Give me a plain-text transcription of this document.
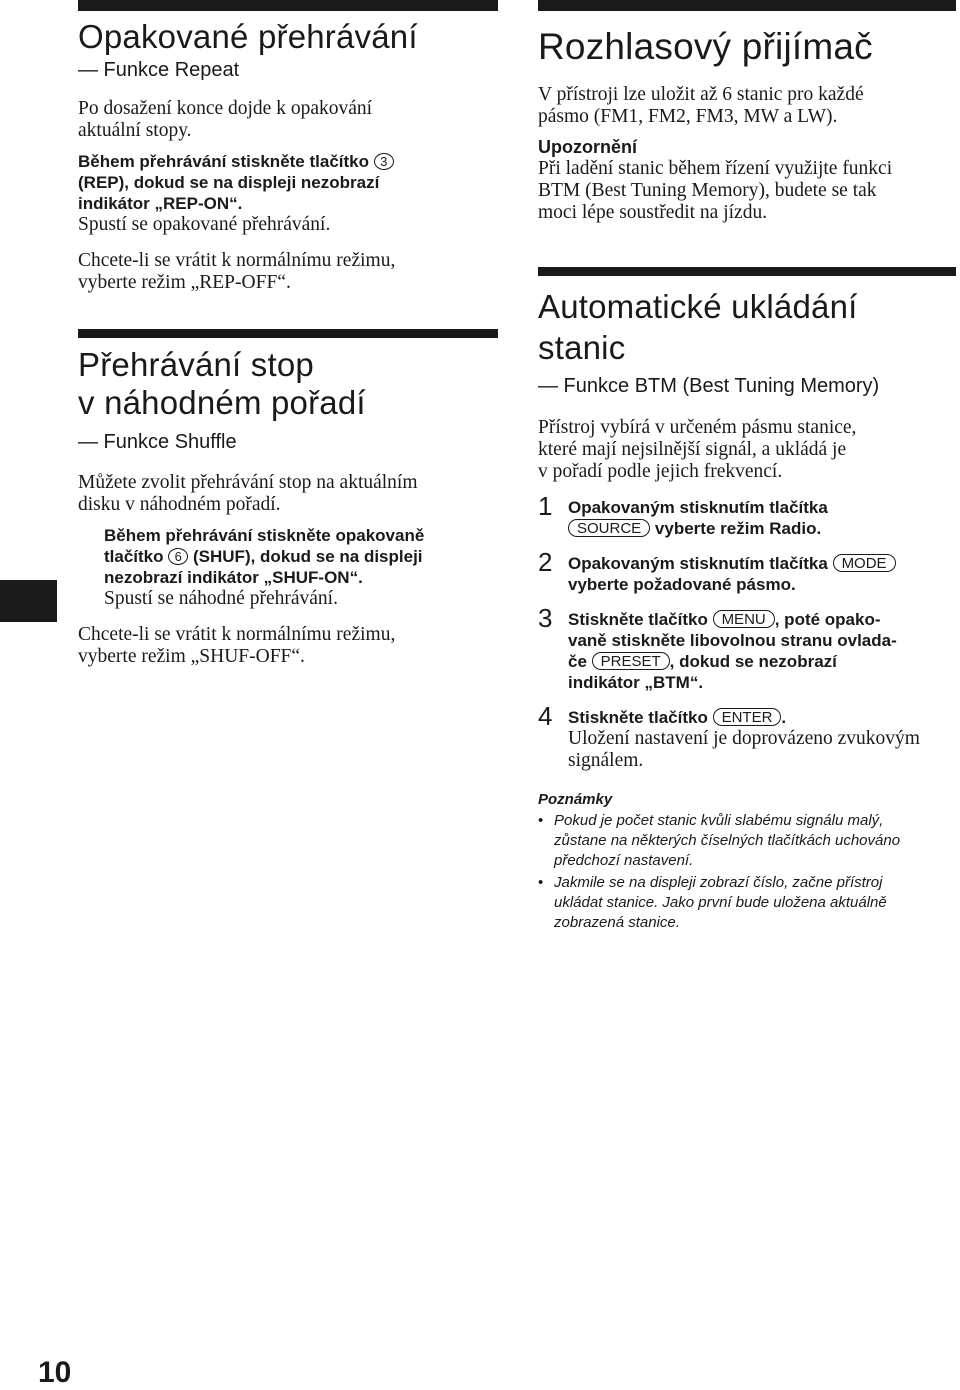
Opakované přehrávání

— Funkce Repeat

Po dosažení konce dojde k opakování
aktuální stopy.

Během přehrávání stiskněte tlačítko 3
(REP), dokud se na displeji nezobrazí
indikátor „REP-ON“.

Spustí se opakované přehrávání.

Chcete-li se vrátit k normálnímu režimu,
vyberte režim „REP-OFF“.

Přehrávání stop
v náhodném pořadí

— Funkce Shuffle

Můžete zvolit přehrávání stop na aktuálním
disku v náhodném pořadí.

Během přehrávání stiskněte opakovaně
tlačítko 6 (SHUF), dokud se na displeji
nezobrazí indikátor „SHUF-ON“.

Spustí se náhodné přehrávání.

Chcete-li se vrátit k normálnímu režimu,
vyberte režim „SHUF-OFF“.

Rozhlasový přijímač

V přístroji lze uložit až 6 stanic pro každé
pásmo (FM1, FM2, FM3, MW a LW).

Upozornění

Při ladění stanic během řízení využijte funkci
BTM (Best Tuning Memory), budete se tak
moci lépe soustředit na jízdu.

Automatické ukládání
stanic

— Funkce BTM (Best Tuning Memory)

Přístroj vybírá v určeném pásmu stanice,
které mají nejsilnější signál, a ukládá je
v pořadí podle jejich frekvencí.

1 Opakovaným stisknutím tlačítka
SOURCE vyberte režim Radio.

2 Opakovaným stisknutím tlačítka MODE
vyberte požadované pásmo.

3 Stiskněte tlačítko MENU , poté opako-
vaně stiskněte libovolnou stranu ovlada-
če PRESET , dokud se nezobrazí
indikátor „BTM“.

4 Stiskněte tlačítko ENTER .

Uložení nastavení je doprovázeno zvukovým
signálem.

Poznámky

• Pokud je počet stanic kvůli slabému signálu malý,
zůstane na některých číselných tlačítkách uchováno
předchozí nastavení.

• Jakmile se na displeji zobrazí číslo, začne přístroj
ukládat stanice. Jako první bude uložena aktuálně
zobrazená stanice.

10
